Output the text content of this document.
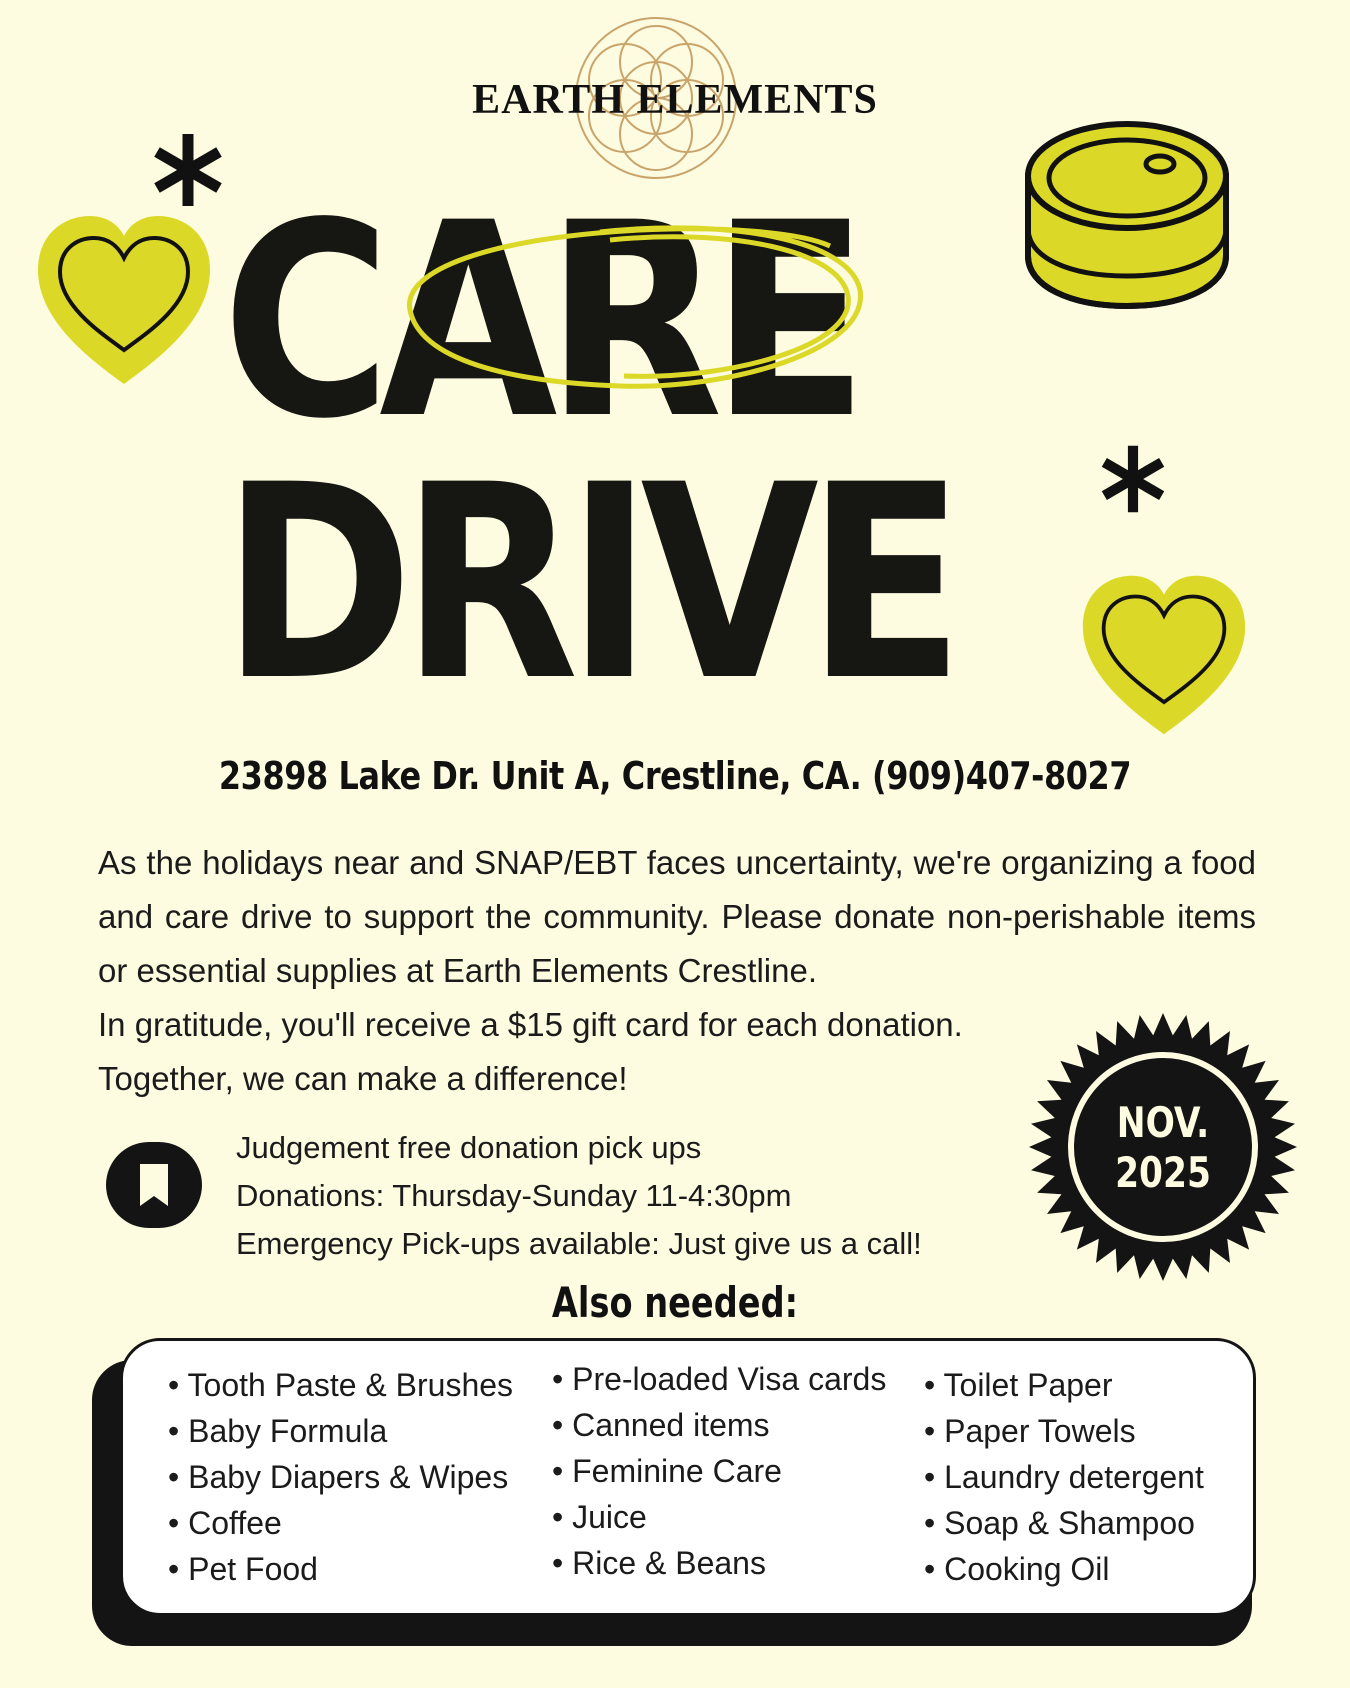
EARTH ELEMENTS
CARE
DRIVE
23898 Lake Dr. Unit A, Crestline, CA. (909)407-8027
As the holidays near and SNAP/EBT faces uncertainty, we're organizing a food and care drive to support the community. Please donate non-perishable items or essential supplies at Earth Elements Crestline.
In gratitude, you'll receive a $15 gift card for each donation.
Together, we can make a difference!
NOV.
2025
Judgement free donation pick ups
Donations: Thursday-Sunday 11-4:30pm
Emergency Pick-ups available: Just give us a call!
Also needed:
• Tooth Paste & Brushes
• Baby Formula
• Baby Diapers & Wipes
• Coffee
• Pet Food
• Pre-loaded Visa cards
• Canned items
• Feminine Care
• Juice
• Rice & Beans
• Toilet Paper
• Paper Towels
• Laundry detergent
• Soap & Shampoo
• Cooking Oil
